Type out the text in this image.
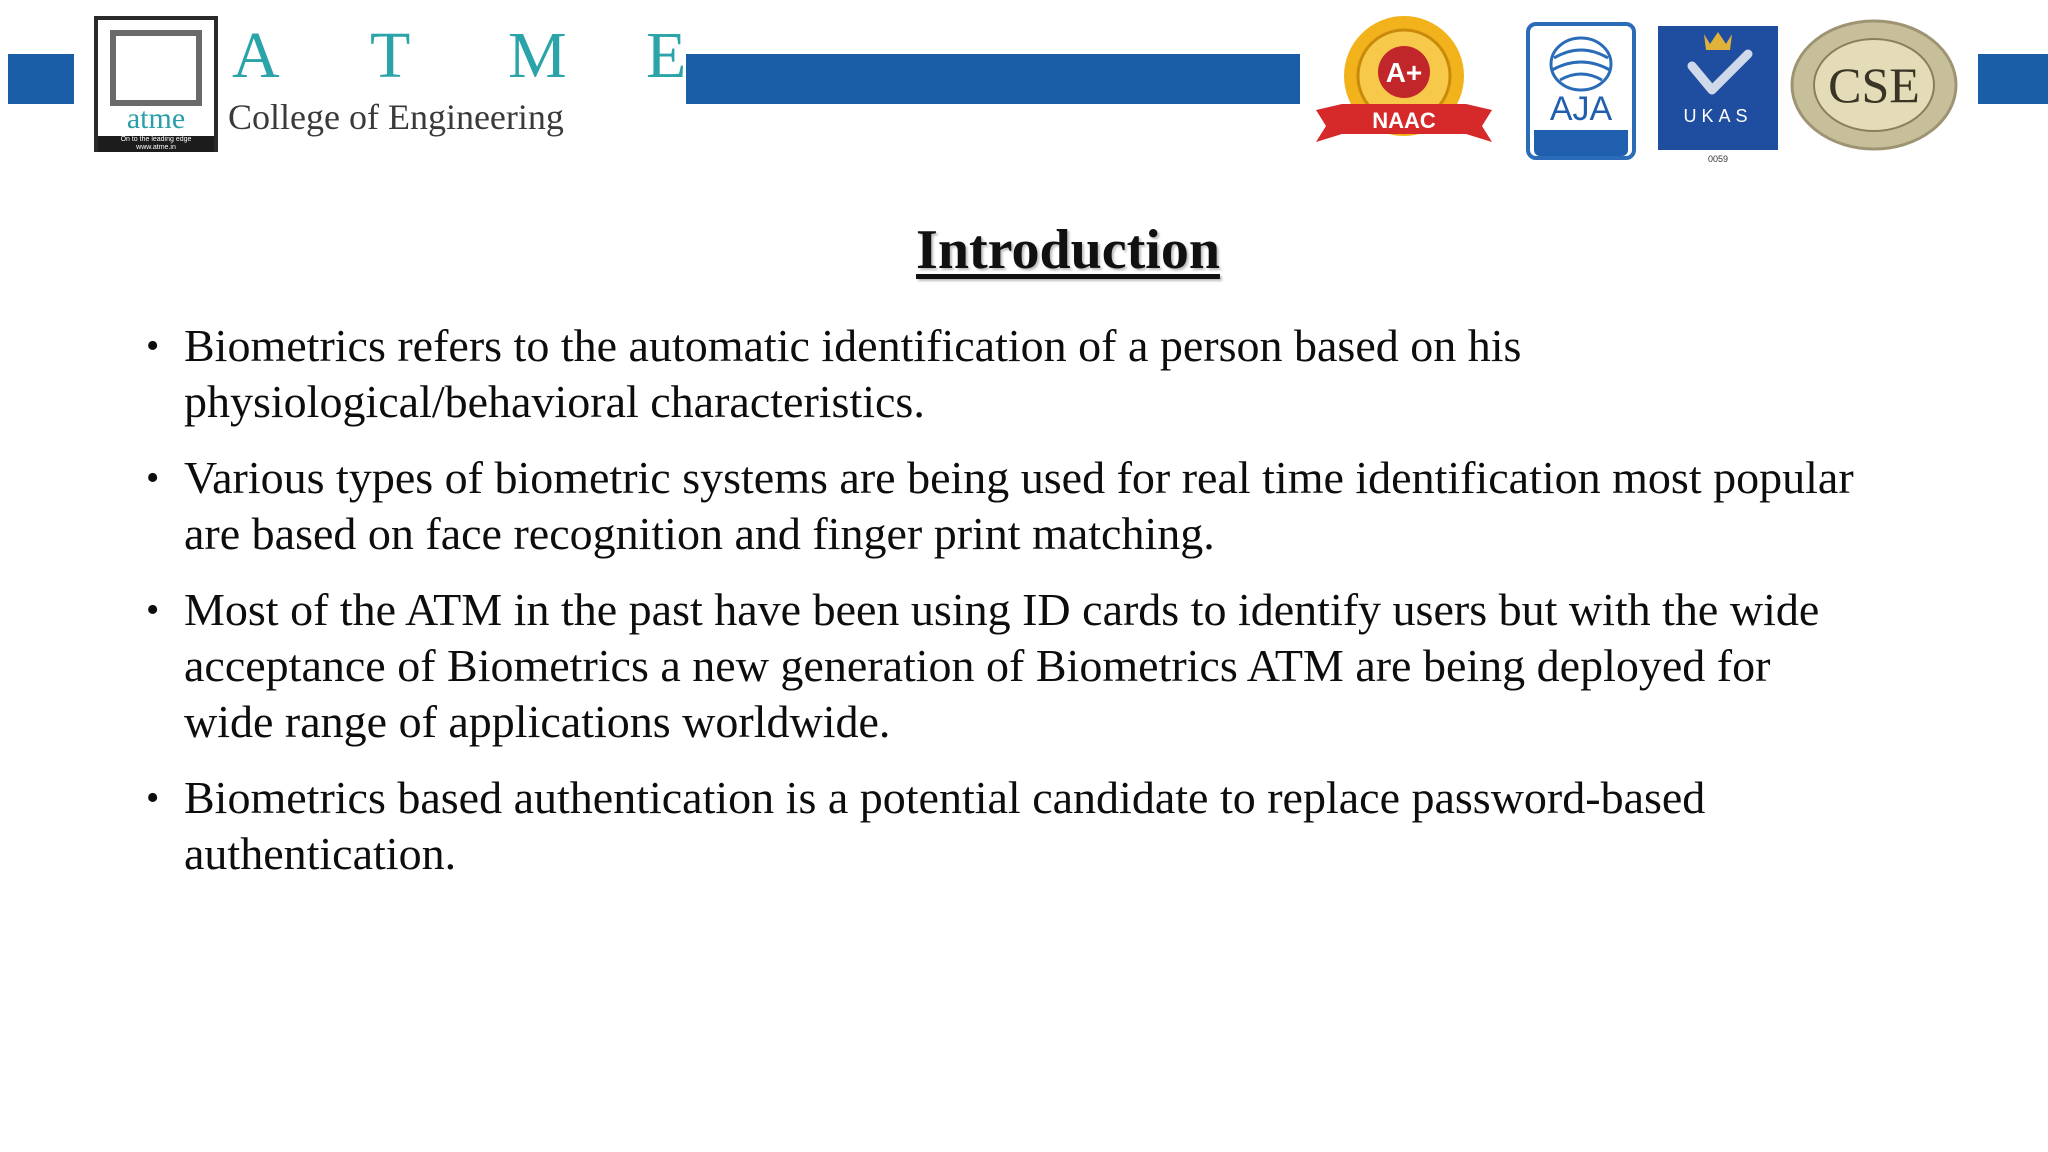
atme
On to the leading edge
www.atme.in
A T M E
College of Engineering
A+
NAAC	AJA	UKAS
0059
CSE
Introduction
• Biometrics refers to the automatic identification of a person based on his physiological/behavioral characteristics.
• Various types of biometric systems are being used for real time identification most popular are based on face recognition and finger print matching.
• Most of the ATM in the past have been using ID cards to identify users but with the wide acceptance of Biometrics a new generation of Biometrics ATM are being deployed for wide range of applications worldwide.
• Biometrics based authentication is a potential candidate to replace password-based authentication.
